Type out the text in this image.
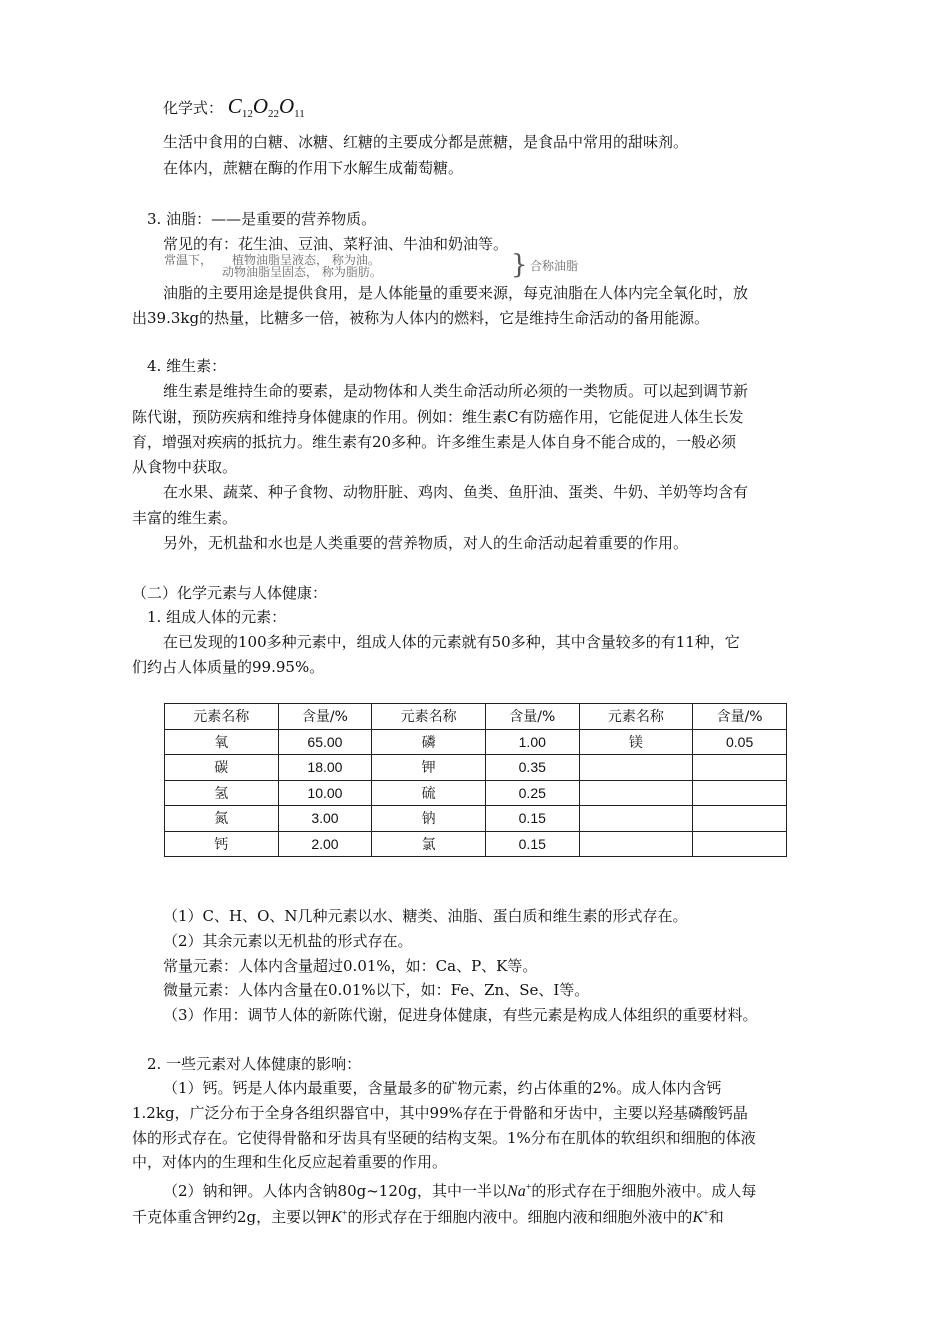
化学式： $C_{12}O_{22}O_{11}$
生活中食用的白糖、冰糖、红糖的主要成分都是蔗糖，是食品中常用的甜味剂。
在体内，蔗糖在酶的作用下水解生成葡萄糖。
3. 油脂：——是重要的营养物质。
常见的有：花生油、豆油、菜籽油、牛油和奶油等。
常温下， 植物油脂呈液态， 称为油。
动物油脂呈固态， 称为脂肪。	} 合称油脂
油脂的主要用途是提供食用，是人体能量的重要来源，每克油脂在人体内完全氧化时，放
出39.3kg的热量，比糖多一倍，被称为人体内的燃料，它是维持生命活动的备用能源。
4. 维生素：
维生素是维持生命的要素，是动物体和人类生命活动所必须的一类物质。可以起到调节新
陈代谢，预防疾病和维持身体健康的作用。例如：维生素C有防癌作用，它能促进人体生长发
育，增强对疾病的抵抗力。维生素有20多种。许多维生素是人体自身不能合成的，一般必须
从食物中获取。
在水果、蔬菜、种子食物、动物肝脏、鸡肉、鱼类、鱼肝油、蛋类、牛奶、羊奶等均含有
丰富的维生素。
另外，无机盐和水也是人类重要的营养物质，对人的生命活动起着重要的作用。
（二）化学元素与人体健康：
1. 组成人体的元素：
在已发现的100多种元素中，组成人体的元素就有50多种，其中含量较多的有11种，它
们约占人体质量的99.95%。
元素名称	含量/%	元素名称	含量/%	元素名称	含量/%
氧	65.00	磷	1.00	镁	0.05
碳	18.00	钾	0.35		
氢	10.00	硫	0.25		
氮	3.00	钠	0.15		
钙	2.00	氯	0.15		
（1）C、H、O、N几种元素以水、糖类、油脂、蛋白质和维生素的形式存在。
（2）其余元素以无机盐的形式存在。
常量元素：人体内含量超过0.01%，如：Ca、P、K等。
微量元素：人体内含量在0.01%以下，如：Fe、Zn、Se、I等。
（3）作用：调节人体的新陈代谢，促进身体健康，有些元素是构成人体组织的重要材料。
2. 一些元素对人体健康的影响：
（1）钙。钙是人体内最重要，含量最多的矿物元素，约占体重的2%。成人体内含钙
1.2kg，广泛分布于全身各组织器官中，其中99%存在于骨骼和牙齿中，主要以羟基磷酸钙晶
体的形式存在。它使得骨骼和牙齿具有坚硬的结构支架。1%分布在肌体的软组织和细胞的体液
中，对体内的生理和生化反应起着重要的作用。
（2）钠和钾。人体内含钠80g~120g，其中一半以Na+的形式存在于细胞外液中。成人每
千克体重含钾约2g，主要以钾K+的形式存在于细胞内液中。细胞内液和细胞外液中的K+和
